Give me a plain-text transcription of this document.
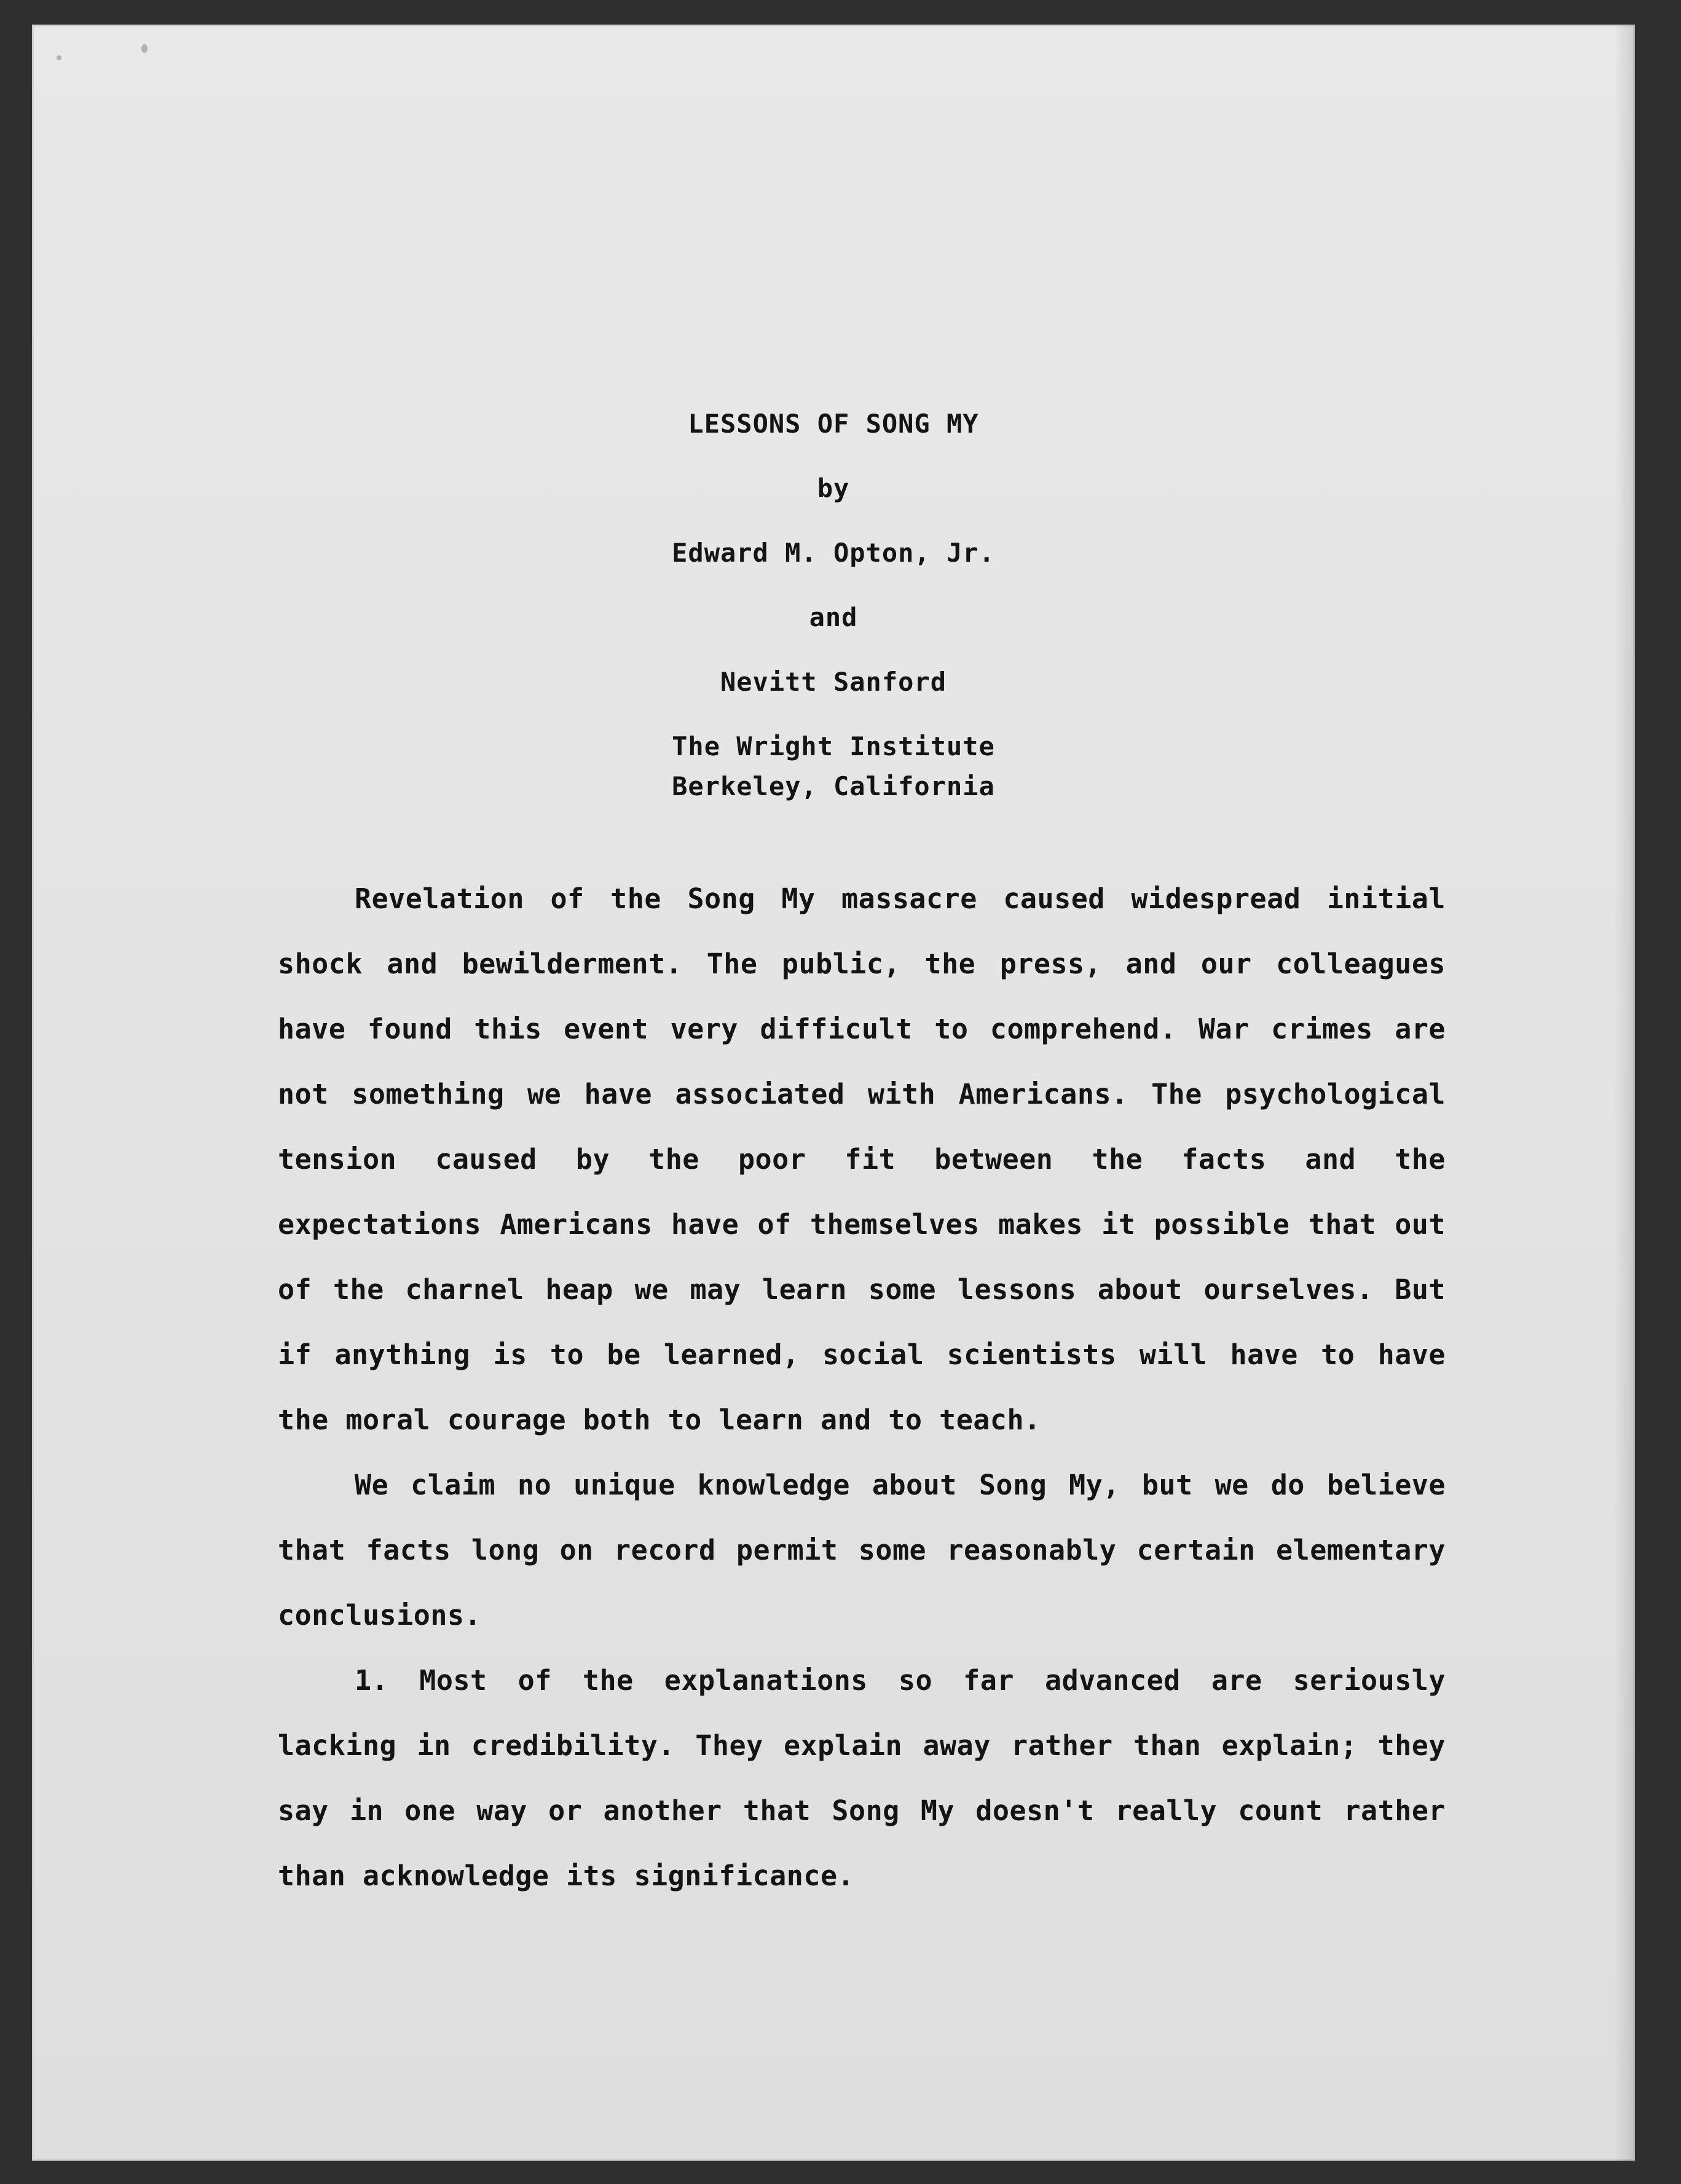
LESSONS OF SONG MY
by
Edward M. Opton, Jr.
and
Nevitt Sanford
The Wright Institute
Berkeley, California

Revelation of the Song My massacre caused widespread initial shock and bewilderment. The public, the press, and our colleagues have found this event very difficult to comprehend. War crimes are not something we have associated with Americans. The psychological tension caused by the poor fit between the facts and the expectations Americans have of themselves makes it possible that out of the charnel heap we may learn some lessons about ourselves. But if anything is to be learned, social scientists will have to have the moral courage both to learn and to teach.

We claim no unique knowledge about Song My, but we do believe that facts long on record permit some reasonably certain elementary conclusions.

1. Most of the explanations so far advanced are seriously lacking in credibility. They explain away rather than explain; they say in one way or another that Song My doesn't really count rather than acknowledge its significance.
